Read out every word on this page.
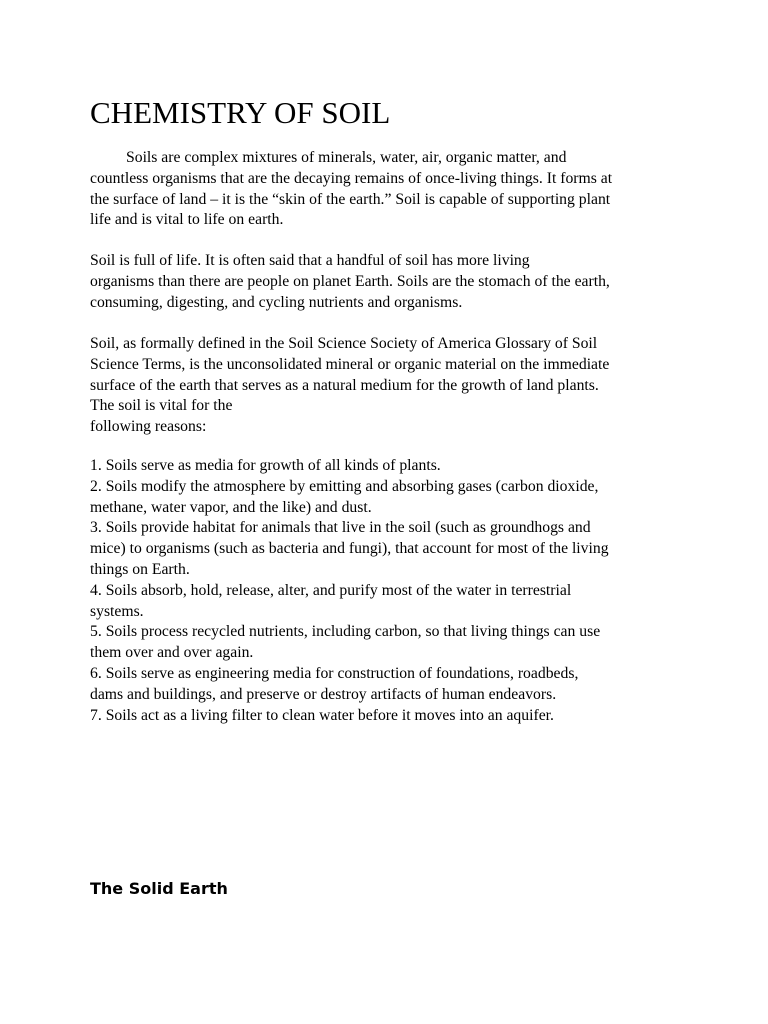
CHEMISTRY OF SOIL
Soils are complex mixtures of minerals, water, air, organic matter, and
countless organisms that are the decaying remains of once-living things. It forms at
the surface of land – it is the “skin of the earth.” Soil is capable of supporting plant
life and is vital to life on earth.
Soil is full of life. It is often said that a handful of soil has more living
organisms than there are people on planet Earth. Soils are the stomach of the earth,
consuming, digesting, and cycling nutrients and organisms.
Soil, as formally defined in the Soil Science Society of America Glossary of Soil
Science Terms, is the unconsolidated mineral or organic material on the immediate
surface of the earth that serves as a natural medium for the growth of land plants.
The soil is vital for the
following reasons:
1. Soils serve as media for growth of all kinds of plants.
2. Soils modify the atmosphere by emitting and absorbing gases (carbon dioxide,
methane, water vapor, and the like) and dust.
3. Soils provide habitat for animals that live in the soil (such as groundhogs and
mice) to organisms (such as bacteria and fungi), that account for most of the living
things on Earth.
4. Soils absorb, hold, release, alter, and purify most of the water in terrestrial
systems.
5. Soils process recycled nutrients, including carbon, so that living things can use
them over and over again.
6. Soils serve as engineering media for construction of foundations, roadbeds,
dams and buildings, and preserve or destroy artifacts of human endeavors.
7. Soils act as a living filter to clean water before it moves into an aquifer.
The Solid Earth
